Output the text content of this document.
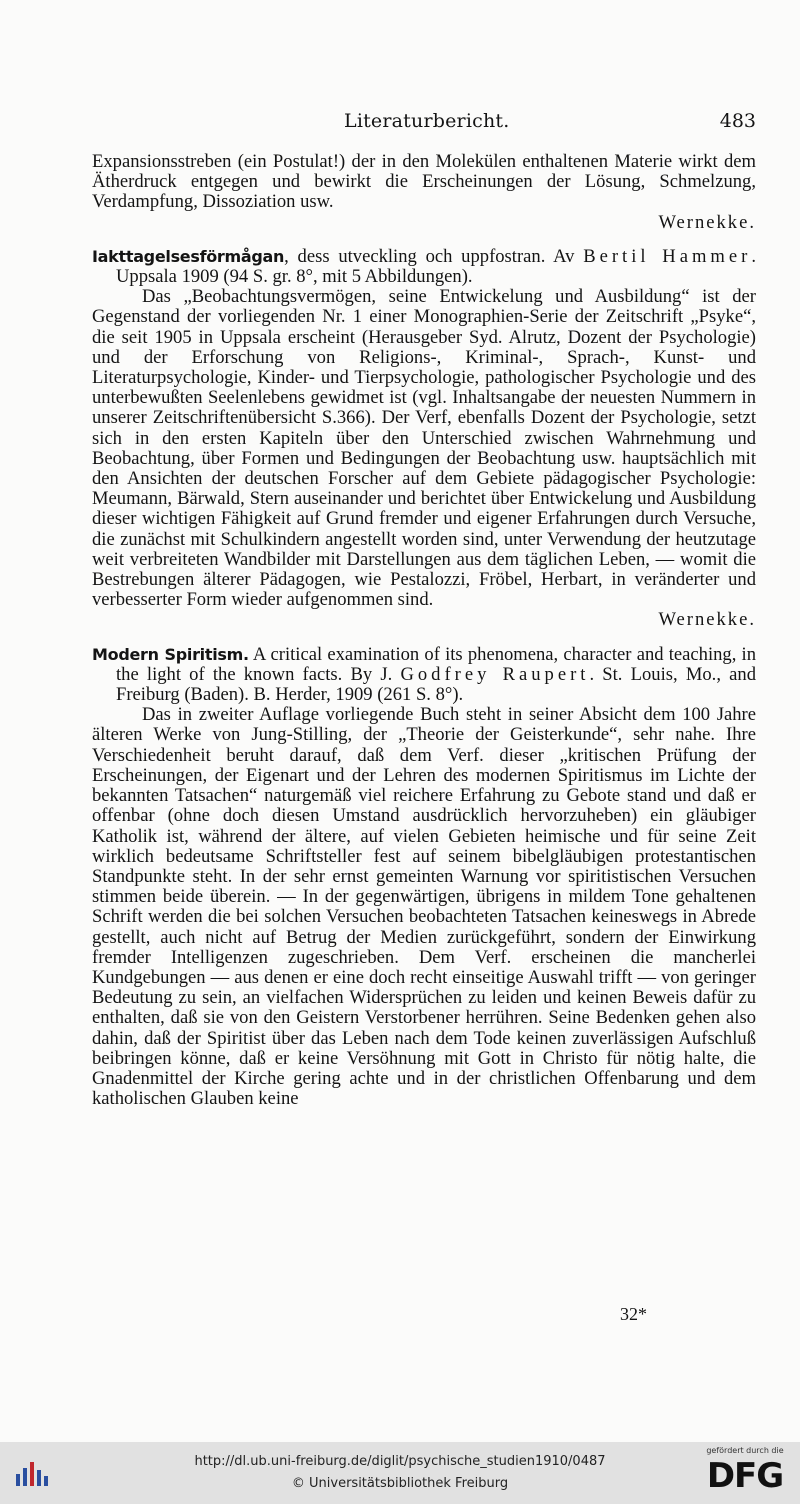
Literaturbericht.	483

Expansionsstreben (ein Postulat!) der in den Molekülen enthaltenen Materie wirkt dem Ätherdruck entgegen und bewirkt die Erscheinungen der Lösung, Schmelzung, Verdampfung, Dissoziation usw.

Wernekke.

Iakttagelsesförmågan, dess utveckling och uppfostran. Av Bertil Hammer. Uppsala 1909 (94 S. gr. 8°, mit 5 Abbildungen).

Das „Beobachtungsvermögen, seine Entwickelung und Ausbildung“ ist der Gegenstand der vorliegenden Nr. 1 einer Monographien-Serie der Zeitschrift „Psyke“, die seit 1905 in Uppsala erscheint (Herausgeber Syd. Alrutz, Dozent der Psychologie) und der Erforschung von Religions-, Kriminal-, Sprach-, Kunst- und Literaturpsychologie, Kinder- und Tierpsychologie, pathologischer Psychologie und des unterbewußten Seelenlebens gewidmet ist (vgl. Inhaltsangabe der neuesten Nummern in unserer Zeitschriftenübersicht S.366). Der Verf, ebenfalls Dozent der Psychologie, setzt sich in den ersten Kapiteln über den Unterschied zwischen Wahrnehmung und Beobachtung, über Formen und Bedingungen der Beobachtung usw. hauptsächlich mit den Ansichten der deutschen Forscher auf dem Gebiete pädagogischer Psychologie: Meumann, Bärwald, Stern auseinander und berichtet über Entwickelung und Ausbildung dieser wichtigen Fähigkeit auf Grund fremder und eigener Erfahrungen durch Versuche, die zunächst mit Schulkindern angestellt worden sind, unter Verwendung der heutzutage weit verbreiteten Wandbilder mit Darstellungen aus dem täglichen Leben, — womit die Bestrebungen älterer Pädagogen, wie Pestalozzi, Fröbel, Herbart, in veränderter und verbesserter Form wieder aufgenommen sind.

Wernekke.

Modern Spiritism. A critical examination of its phenomena, character and teaching, in the light of the known facts. By J. Godfrey Raupert. St. Louis, Mo., and Freiburg (Baden). B. Herder, 1909 (261 S. 8°).

Das in zweiter Auflage vorliegende Buch steht in seiner Absicht dem 100 Jahre älteren Werke von Jung-Stilling, der „Theorie der Geisterkunde“, sehr nahe. Ihre Verschiedenheit beruht darauf, daß dem Verf. dieser „kritischen Prüfung der Erscheinungen, der Eigenart und der Lehren des modernen Spiritismus im Lichte der bekannten Tatsachen“ naturgemäß viel reichere Erfahrung zu Gebote stand und daß er offenbar (ohne doch diesen Umstand ausdrücklich hervorzuheben) ein gläubiger Katholik ist, während der ältere, auf vielen Gebieten heimische und für seine Zeit wirklich bedeutsame Schriftsteller fest auf seinem bibelgläubigen protestantischen Standpunkte steht. In der sehr ernst gemeinten Warnung vor spiritistischen Versuchen stimmen beide überein. — In der gegenwärtigen, übrigens in mildem Tone gehaltenen Schrift werden die bei solchen Versuchen beobachteten Tatsachen keineswegs in Abrede gestellt, auch nicht auf Betrug der Medien zurückgeführt, sondern der Einwirkung fremder Intelligenzen zugeschrieben. Dem Verf. erscheinen die mancherlei Kundgebungen — aus denen er eine doch recht einseitige Auswahl trifft — von geringer Bedeutung zu sein, an vielfachen Widersprüchen zu leiden und keinen Beweis dafür zu enthalten, daß sie von den Geistern Verstorbener herrühren. Seine Bedenken gehen also dahin, daß der Spiritist über das Leben nach dem Tode keinen zuverlässigen Aufschluß beibringen könne, daß er keine Versöhnung mit Gott in Christo für nötig halte, die Gnadenmittel der Kirche gering achte und in der christlichen Offenbarung und dem katholischen Glauben keine

32*
http://dl.ub.uni-freiburg.de/diglit/psychische_studien1910/0487
© Universitätsbibliothek Freiburg
gefördert durch die
DFG
